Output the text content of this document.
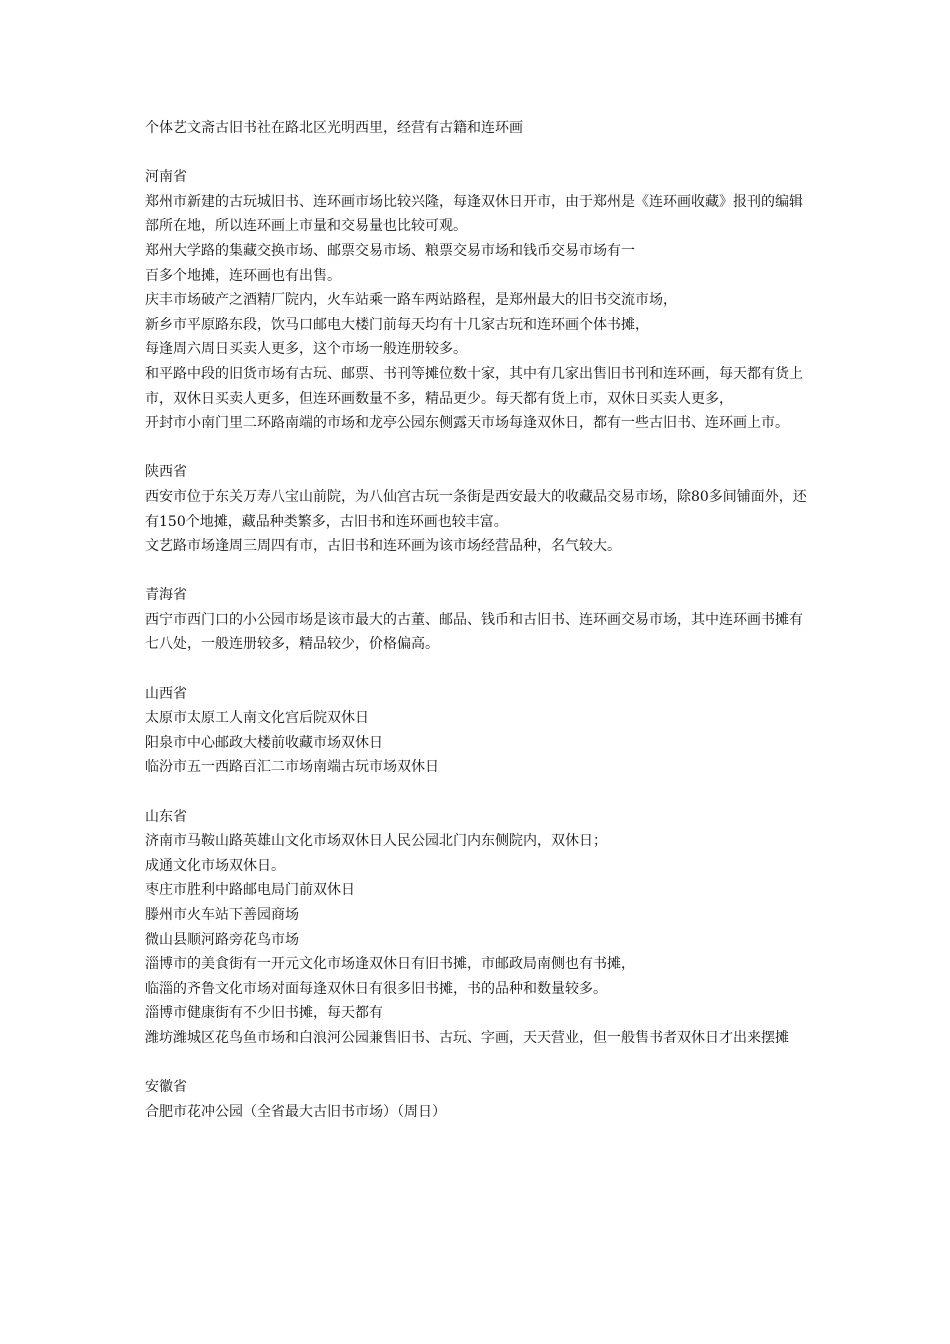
个体艺文斋古旧书社在路北区光明西里，经营有古籍和连环画

河南省

郑州市新建的古玩城旧书、连环画市场比较兴隆，每逢双休日开市，由于郑州是《连环画收藏》报刊的编辑部所在地，所以连环画上市量和交易量也比较可观。

郑州大学路的集藏交换市场、邮票交易市场、粮票交易市场和钱币交易市场有一

百多个地摊，连环画也有出售。

庆丰市场破产之酒精厂院内，火车站乘一路车两站路程，是郑州最大的旧书交流市场，

新乡市平原路东段，饮马口邮电大楼门前每天均有十几家古玩和连环画个体书摊，

每逢周六周日买卖人更多，这个市场一般连册较多。

和平路中段的旧货市场有古玩、邮票、书刊等摊位数十家，其中有几家出售旧书刊和连环画，每天都有货上市，双休日买卖人更多，但连环画数量不多，精品更少。每天都有货上市，双休日买卖人更多，

开封市小南门里二环路南端的市场和龙亭公园东侧露天市场每逢双休日，都有一些古旧书、连环画上市。

陕西省

西安市位于东关万寿八宝山前院，为八仙宫古玩一条街是西安最大的收藏品交易市场，除80多间铺面外，还有150个地摊，藏品种类繁多，古旧书和连环画也较丰富。

文艺路市场逢周三周四有市，古旧书和连环画为该市场经营品种，名气较大。

青海省

西宁市西门口的小公园市场是该市最大的古董、邮品、钱币和古旧书、连环画交易市场，其中连环画书摊有七八处，一般连册较多，精品较少，价格偏高。

山西省

太原市太原工人南文化宫后院双休日

阳泉市中心邮政大楼前收藏市场双休日

临汾市五一西路百汇二市场南端古玩市场双休日

山东省

济南市马鞍山路英雄山文化市场双休日人民公园北门内东侧院内，双休日；

成通文化市场双休日。

枣庄市胜利中路邮电局门前双休日

滕州市火车站下善园商场

微山县顺河路旁花鸟市场

淄博市的美食街有一开元文化市场逢双休日有旧书摊，市邮政局南侧也有书摊，

临淄的齐鲁文化市场对面每逢双休日有很多旧书摊，书的品种和数量较多。

淄博市健康街有不少旧书摊，每天都有

潍坊潍城区花鸟鱼市场和白浪河公园兼售旧书、古玩、字画，天天营业，但一般售书者双休日才出来摆摊

安徽省

合肥市花冲公园（全省最大古旧书市场）（周日）
